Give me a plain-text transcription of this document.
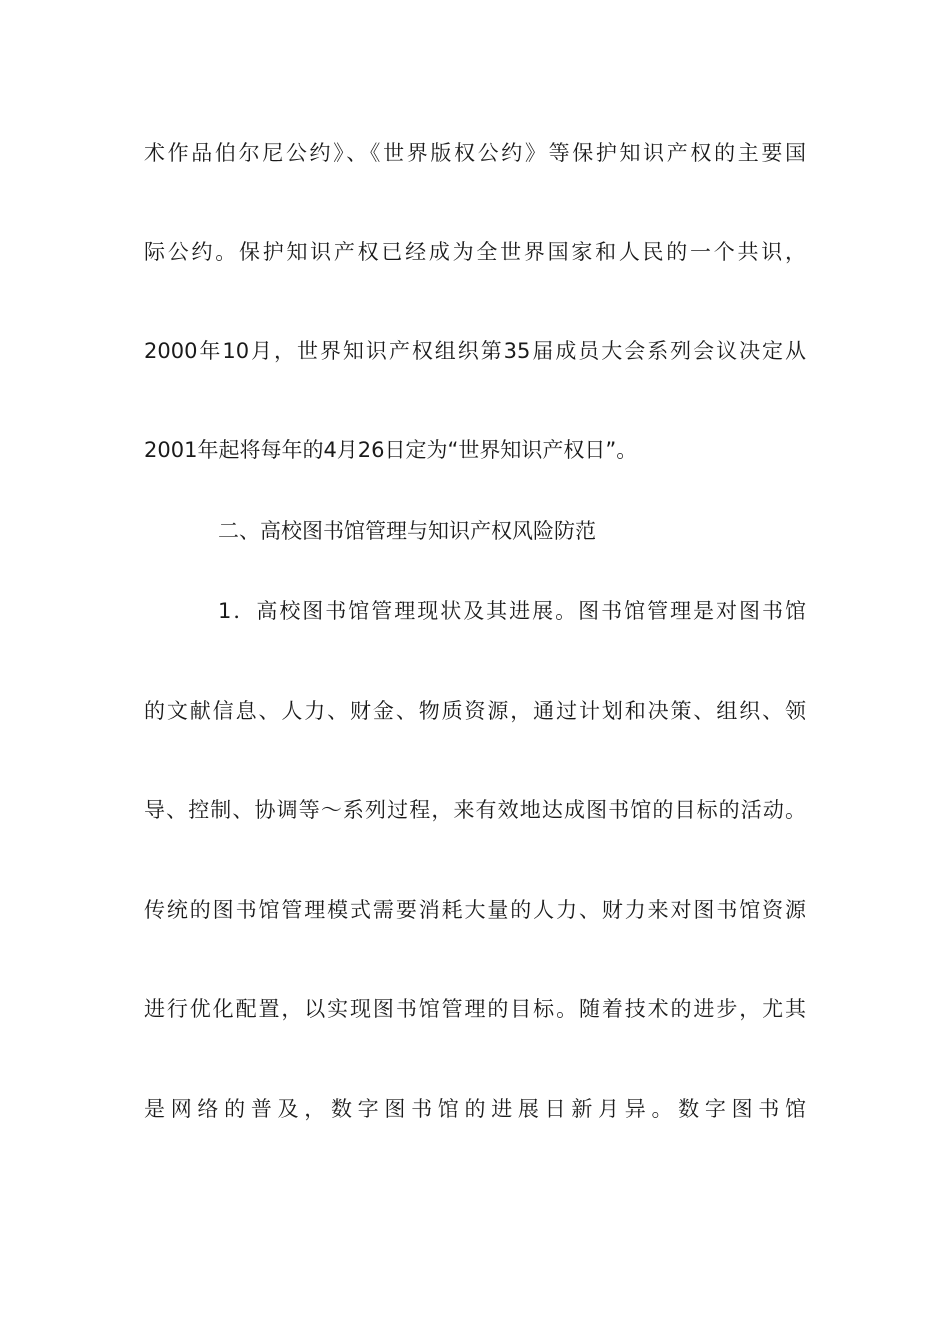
术作品伯尔尼公约》、《世界版权公约》等保护知识产权的主要国
际公约。保护知识产权已经成为全世界国家和人民的一个共识，
2000年10月，世界知识产权组织第35届成员大会系列会议决定从
2001年起将每年的4月26日定为“世界知识产权日”。
二、高校图书馆管理与知识产权风险防范
1．高校图书馆管理现状及其进展。图书馆管理是对图书馆
的文献信息、人力、财金、物质资源，通过计划和决策、组织、领
导、控制、协调等～系列过程，来有效地达成图书馆的目标的活动。
传统的图书馆管理模式需要消耗大量的人力、财力来对图书馆资源
进行优化配置，以实现图书馆管理的目标。随着技术的进步，尤其
是网络的普及，数字图书馆的进展日新月异。数字图书馆
